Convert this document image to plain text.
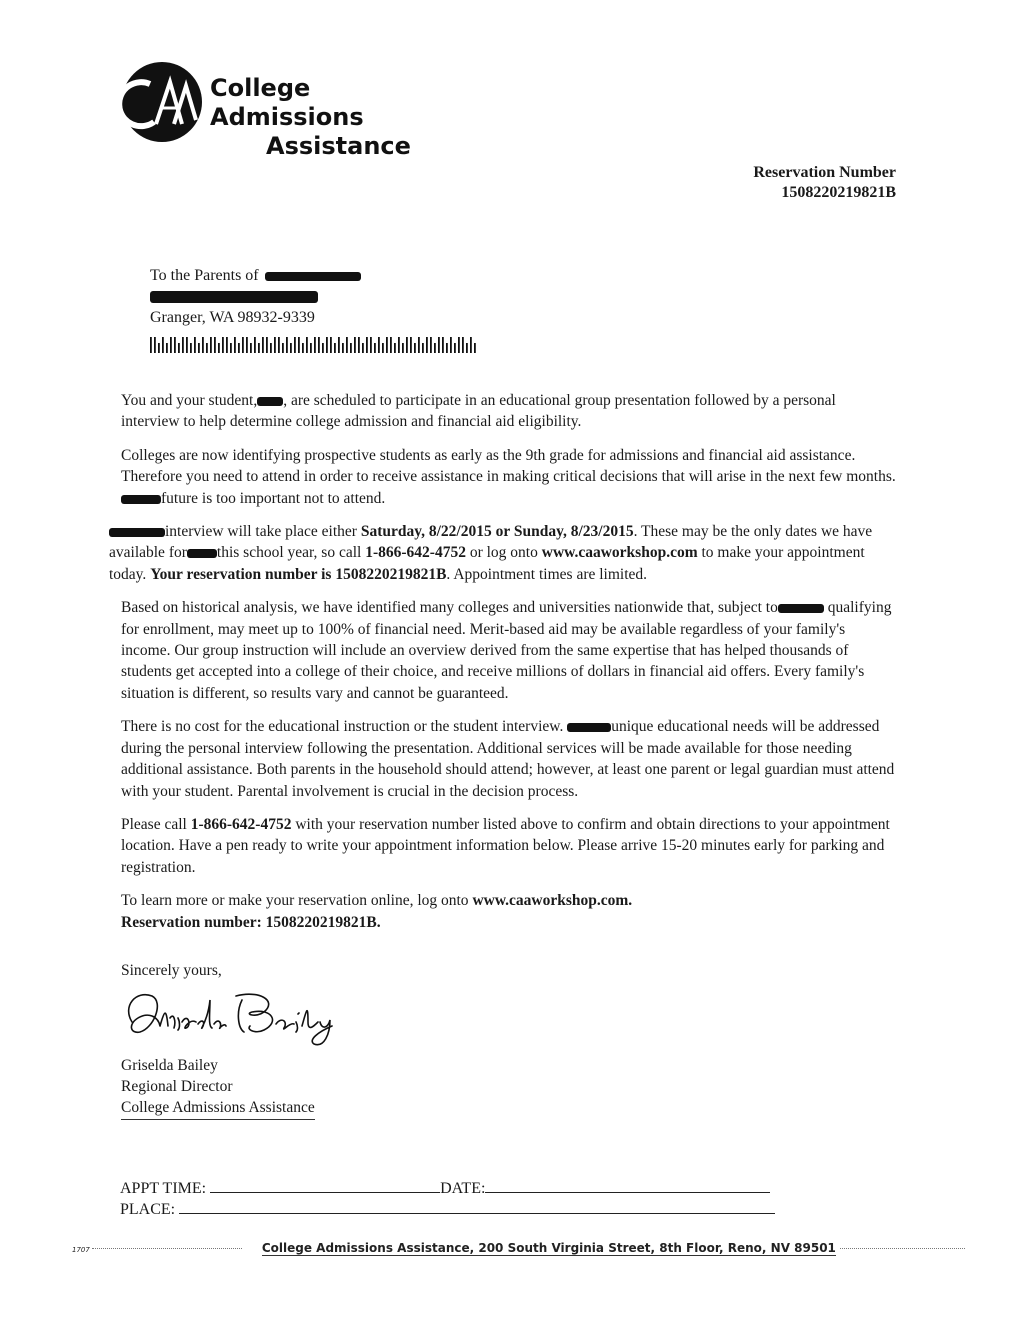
College Admissions
Assistance
Reservation Number
1508220219821B
To the Parents of
Granger, WA 98932-9339

You and your student, , are scheduled to participate in an educational group presentation followed by a personal interview to help determine college admission and financial aid eligibility.

Colleges are now identifying prospective students as early as the 9th grade for admissions and financial aid assistance. Therefore you need to attend in order to receive assistance in making critical decisions that will arise in the next few months. future is too important not to attend.

interview will take place either Saturday, 8/22/2015 or Sunday, 8/23/2015. These may be the only dates we have available for this school year, so call 1-866-642-4752 or log onto www.caaworkshop.com to make your appointment today. Your reservation number is 1508220219821B. Appointment times are limited.

Based on historical analysis, we have identified many colleges and universities nationwide that, subject to	qualifying for enrollment, may meet up to 100% of financial need. Merit-based aid may be available regardless of your family's income. Our group instruction will include an overview derived from the same expertise that has helped thousands of students get accepted into a college of their choice, and receive millions of dollars in financial aid offers. Every family's situation is different, so results vary and cannot be guaranteed.

There is no cost for the educational instruction or the student interview.	unique educational needs will be addressed during the personal interview following the presentation. Additional services will be made available for those needing additional assistance. Both parents in the household should attend; however, at least one parent or legal guardian must attend with your student. Parental involvement is crucial in the decision process.

Please call 1-866-642-4752 with your reservation number listed above to confirm and obtain directions to your appointment location. Have a pen ready to write your appointment information below. Please arrive 15-20 minutes early for parking and registration.

To learn more or make your reservation online, log onto www.caaworkshop.com.
Reservation number: 1508220219821B.

Sincerely yours,
Griselda Bailey
Regional Director
College Admissions Assistance
APPT TIME:	DATE:
PLACE:
1707	College Admissions Assistance, 200 South Virginia Street, 8th Floor, Reno, NV 89501
